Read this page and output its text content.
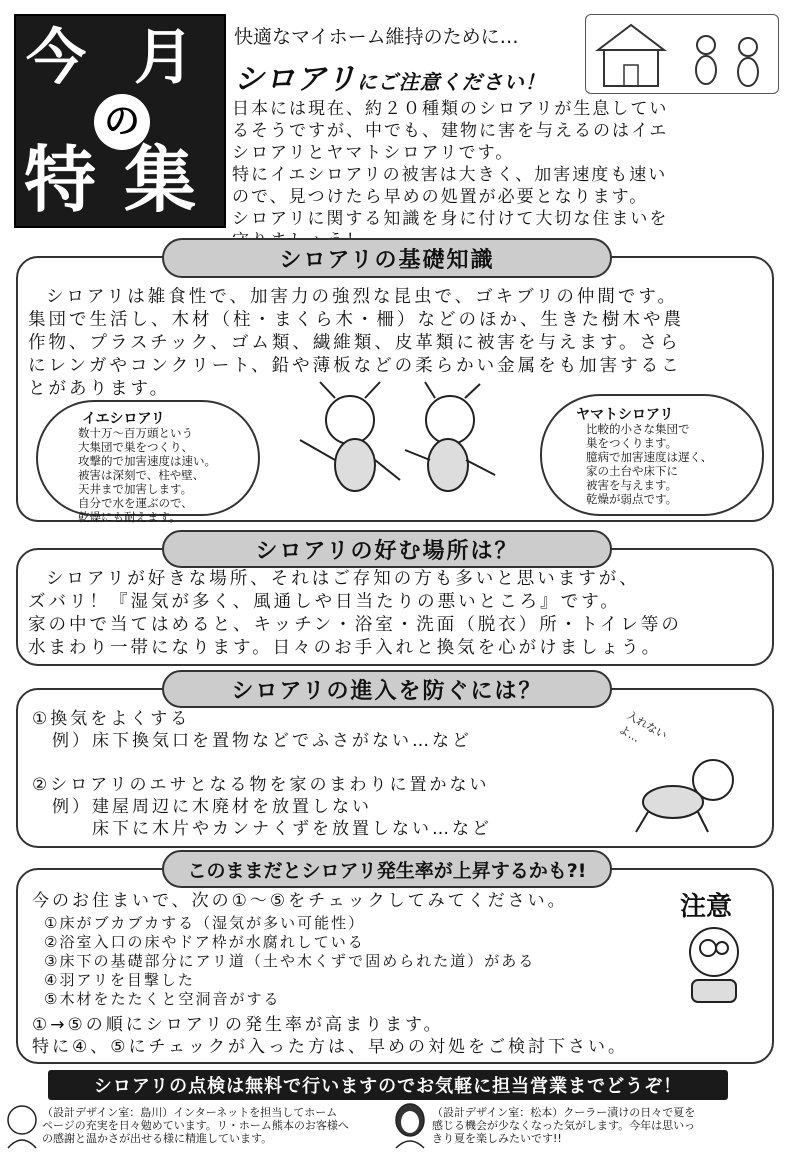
今 月
の
特 集
快適なマイホーム維持のために…
シロアリにご注意ください！
日本には現在、約２０種類のシロアリが生息してい
るそうですが、中でも、建物に害を与えるのはイエ
シロアリとヤマトシロアリです。
特にイエシロアリの被害は大きく、加害速度も速い
ので、見つけたら早めの処置が必要となります。
シロアリに関する知識を身に付けて大切な住まいを
シロアリの基礎知識
シロアリは雑食性で、加害力の強烈な昆虫で、ゴキブリの仲間です。
集団で生活し、木材（柱・まくら木・柵）などのほか、生きた樹木や農
作物、プラスチック、ゴム類、繊維類、皮革類に被害を与えます。さら
にレンガやコンクリート、鉛や薄板などの柔らかい金属をも加害するこ
とがあります。
イエシロアリ
数十万～百万頭という
大集団で巣をつくり、
攻撃的で加害速度は速い。
被害は深刻で、柱や壁、
天井まで加害します。
自分で水を運ぶので、
乾燥にも耐えます。
ヤマトシロアリ
比較的小さな集団で
巣をつくります。
臆病で加害速度は遅く、
家の土台や床下に
被害を与えます。
乾燥が弱点です。
シロアリの好む場所は？
シロアリが好きな場所、それはご存知の方も多いと思いますが、
ズバリ！『湿気が多く、風通しや日当たりの悪いところ』です。
家の中で当てはめると、キッチン・浴室・洗面（脱衣）所・トイレ等の
水まわり一帯になります。日々のお手入れと換気を心がけましょう。
シロアリの進入を防ぐには？
①換気をよくする
　例）床下換気口を置物などでふさがない…など
②シロアリのエサとなる物を家のまわりに置かない
　例）建屋周辺に木廃材を放置しない
　　　床下に木片やカンナくずを放置しない…など
入れないよ…
このままだとシロアリ発生率が上昇するかも?!
今のお住まいで、次の①～⑤をチェックしてみてください。
①床がブカブカする（湿気が多い可能性）
②浴室入口の床やドア枠が水腐れしている
③床下の基礎部分にアリ道（土や木くずで固められた道）がある
④羽アリを目撃した
⑤木材をたたくと空洞音がする
①→⑤の順にシロアリの発生率が高まります。
特に④、⑤にチェックが入った方は、早めの対処をご検討下さい。
注意
シロアリの点検は無料で行いますのでお気軽に担当営業までどうぞ！
（設計デザイン室：島川）インターネットを担当してホーム
ページの充実を日々勉めています。リ・ホーム熊本のお客様へ
の感謝と温かさが出せる様に精進しています。
（設計デザイン室：松本）クーラー漬けの日々で夏を
感じる機会が少なくなった気がします。今年は思いっ
きり夏を楽しみたいです!!
